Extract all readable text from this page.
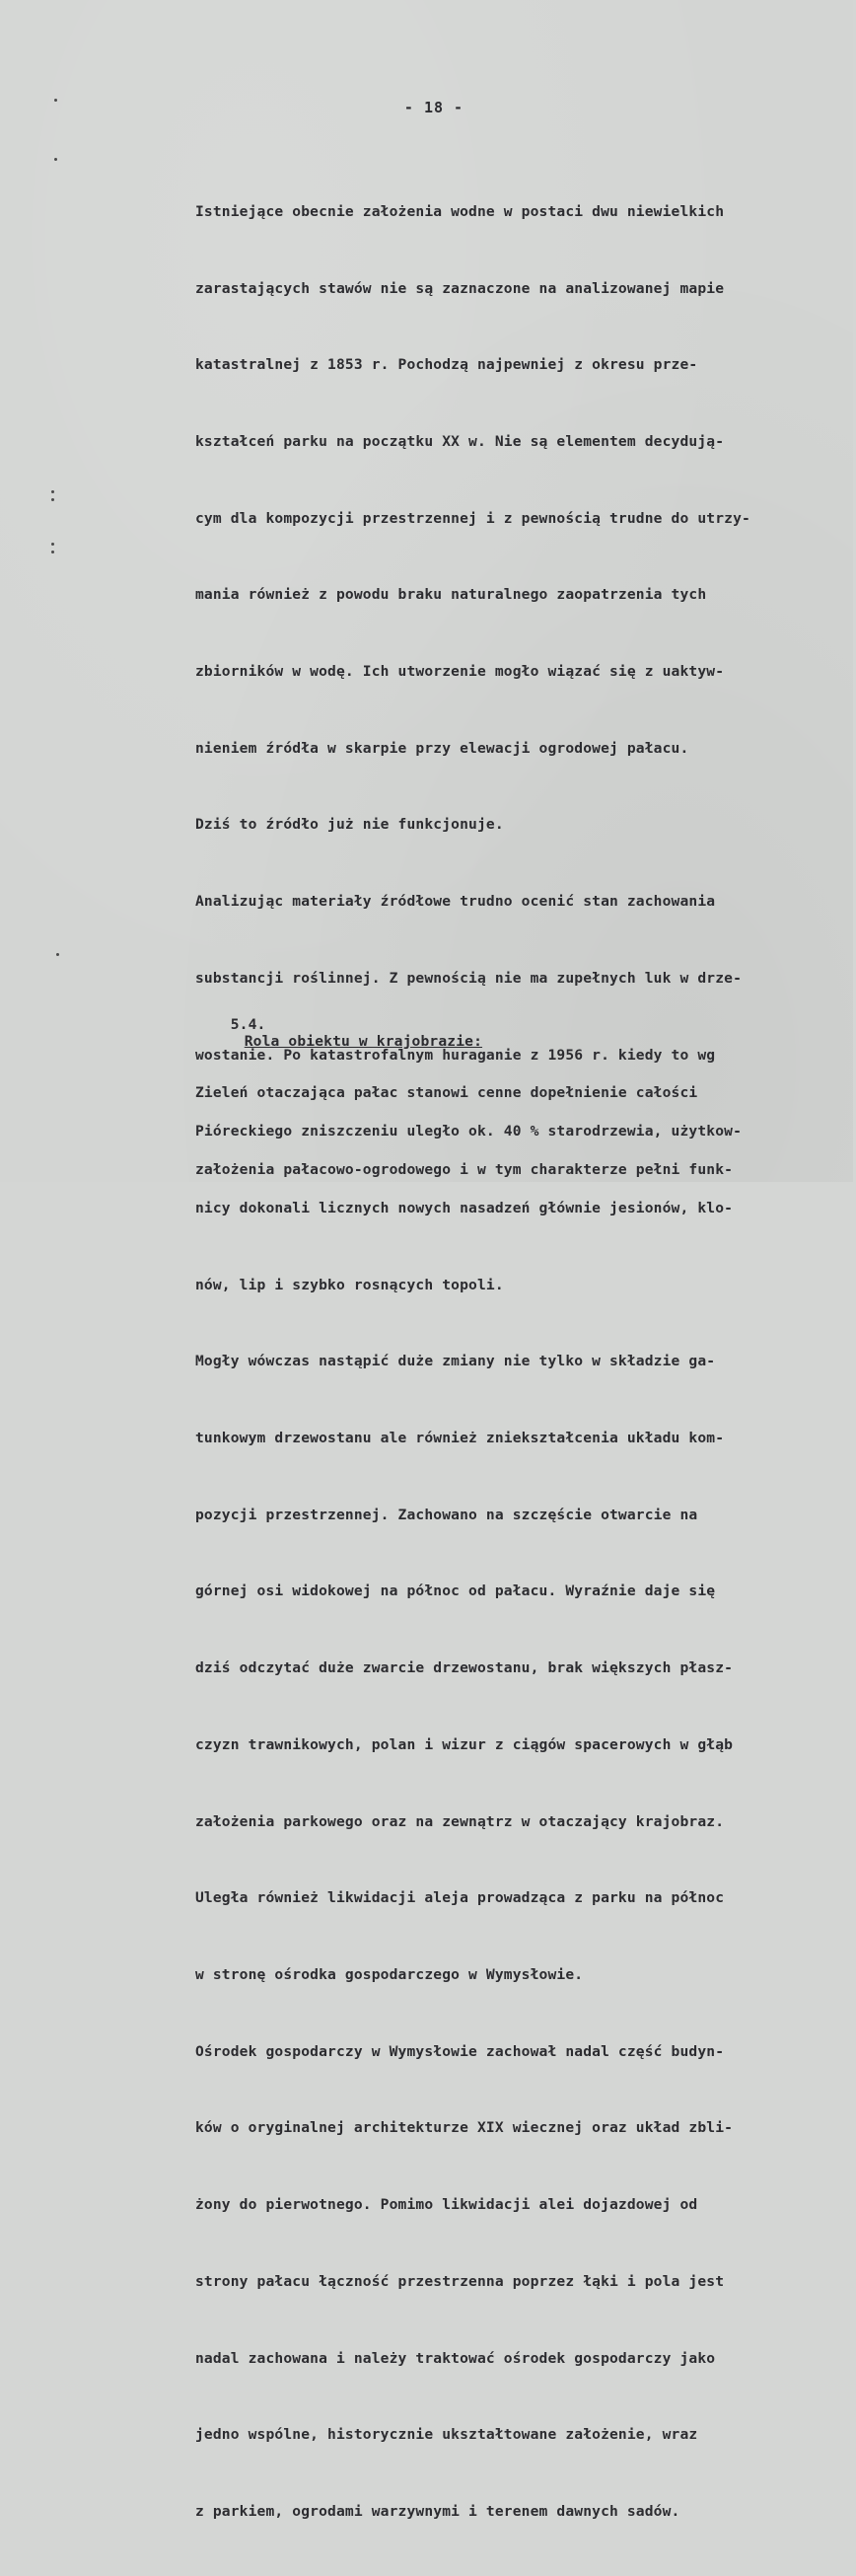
- 18 -

Istniejące obecnie założenia wodne w postaci dwu niewielkich

zarastających stawów nie są zaznaczone na analizowanej mapie

katastralnej z 1853 r. Pochodzą najpewniej z okresu prze-

kształceń parku na początku XX w. Nie są elementem decydują-

cym dla kompozycji przestrzennej i z pewnością trudne do utrzy-

mania również z powodu braku naturalnego zaopatrzenia tych

zbiorników w wodę. Ich utworzenie mogło wiązać się z uaktyw-

nieniem źródła w skarpie przy elewacji ogrodowej pałacu.

Dziś to źródło już nie funkcjonuje.

Analizując materiały źródłowe trudno ocenić stan zachowania

substancji roślinnej. Z pewnością nie ma zupełnych luk w drze-

wostanie. Po katastrofalnym huraganie z 1956 r. kiedy to wg

Pióreckiego zniszczeniu uległo ok. 40 % starodrzewia, użytkow-

nicy dokonali licznych nowych nasadzeń głównie jesionów, klo-

nów, lip i szybko rosnących topoli.

Mogły wówczas nastąpić duże zmiany nie tylko w składzie ga-

tunkowym drzewostanu ale również zniekształcenia układu kom-

pozycji przestrzennej. Zachowano na szczęście otwarcie na

górnej osi widokowej na północ od pałacu. Wyraźnie daje się

dziś odczytać duże zwarcie drzewostanu, brak większych płasz-

czyzn trawnikowych, polan i wizur z ciągów spacerowych w głąb

założenia parkowego oraz na zewnątrz w otaczający krajobraz.

Uległa również likwidacji aleja prowadząca z parku na północ

w stronę ośrodka gospodarczego w Wymysłowie.

Ośrodek gospodarczy w Wymysłowie zachował nadal część budyn-

ków o oryginalnej architekturze XIX wiecznej oraz układ zbli-

żony do pierwotnego. Pomimo likwidacji alei dojazdowej od

strony pałacu łączność przestrzenna poprzez łąki i pola jest

nadal zachowana i należy traktować ośrodek gospodarczy jako

jedno wspólne, historycznie ukształtowane założenie, wraz

z parkiem, ogrodami warzywnymi i terenem dawnych sadów.

5.4.
Rola obiektu w krajobrazie:

Zieleń otaczająca pałac stanowi cenne dopełnienie całości

założenia pałacowo-ogrodowego i w tym charakterze pełni funk-
